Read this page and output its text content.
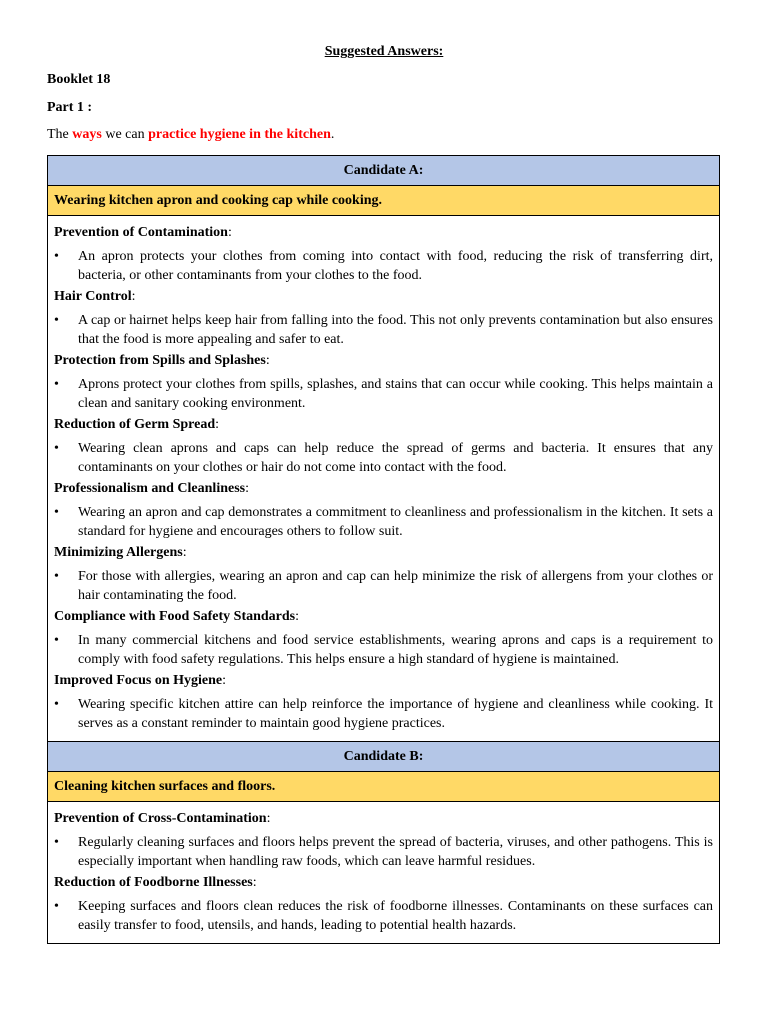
Suggested Answers:
Booklet 18
Part 1 :
The ways we can practice hygiene in the kitchen.
Candidate A:
Wearing kitchen apron and cooking cap while cooking.
Prevention of Contamination:
•	An apron protects your clothes from coming into contact with food, reducing the risk of transferring dirt, bacteria, or other contaminants from your clothes to the food.
Hair Control:
•	A cap or hairnet helps keep hair from falling into the food. This not only prevents contamination but also ensures that the food is more appealing and safer to eat.
Protection from Spills and Splashes:
•	Aprons protect your clothes from spills, splashes, and stains that can occur while cooking. This helps maintain a clean and sanitary cooking environment.
Reduction of Germ Spread:
•	Wearing clean aprons and caps can help reduce the spread of germs and bacteria. It ensures that any contaminants on your clothes or hair do not come into contact with the food.
Professionalism and Cleanliness:
•	Wearing an apron and cap demonstrates a commitment to cleanliness and professionalism in the kitchen. It sets a standard for hygiene and encourages others to follow suit.
Minimizing Allergens:
•	For those with allergies, wearing an apron and cap can help minimize the risk of allergens from your clothes or hair contaminating the food.
Compliance with Food Safety Standards:
•	In many commercial kitchens and food service establishments, wearing aprons and caps is a requirement to comply with food safety regulations. This helps ensure a high standard of hygiene is maintained.
Improved Focus on Hygiene:
•	Wearing specific kitchen attire can help reinforce the importance of hygiene and cleanliness while cooking. It serves as a constant reminder to maintain good hygiene practices.
Candidate B:
Cleaning kitchen surfaces and floors.
Prevention of Cross-Contamination:
•	Regularly cleaning surfaces and floors helps prevent the spread of bacteria, viruses, and other pathogens. This is especially important when handling raw foods, which can leave harmful residues.
Reduction of Foodborne Illnesses:
•	Keeping surfaces and floors clean reduces the risk of foodborne illnesses. Contaminants on these surfaces can easily transfer to food, utensils, and hands, leading to potential health hazards.
